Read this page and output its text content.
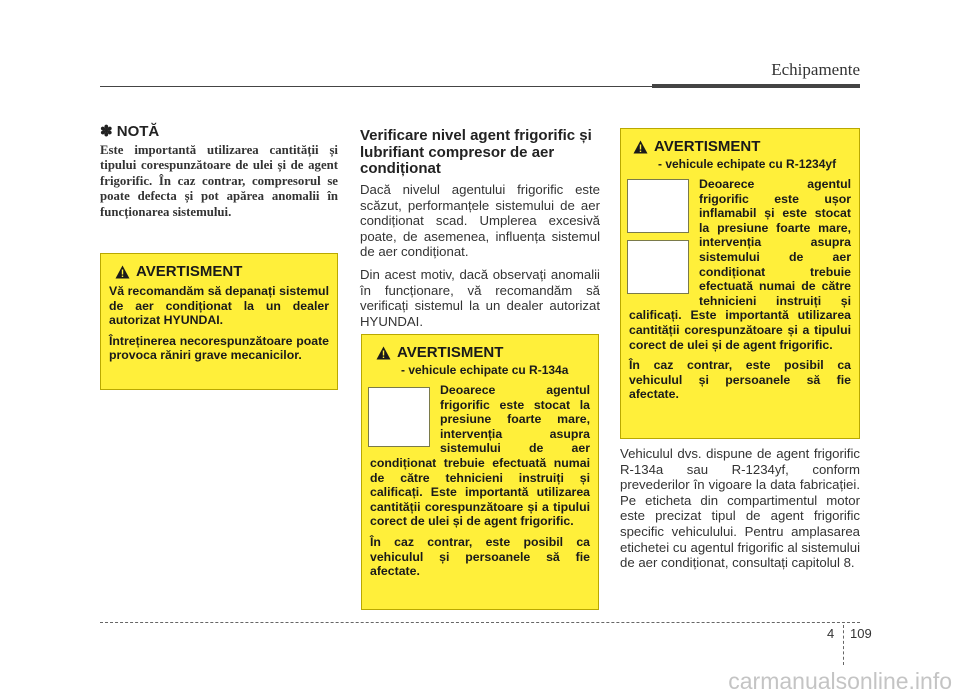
Echipamente
✽ NOTĂ
Este importantă utilizarea cantității și tipului corespunzătoare de ulei și de agent frigorific. În caz contrar, compresorul se poate defecta și pot apărea anomalii în funcționarea sistemului.
AVERTISMENT

Vă recomandăm să depanați sistemul de aer condiționat la un dealer autorizat HYUNDAI.

Întreținerea necorespunzătoare poate provoca răniri grave mecanicilor.

Verificare nivel agent frigorific și lubrifiant compresor de aer condiționat

Dacă nivelul agentului frigorific este scăzut, performanțele sistemului de aer condiționat scad. Umplerea excesivă poate, de asemenea, influența sistemul de aer condiționat.

Din acest motiv, dacă observați anomalii în funcționare, vă recomandăm să verificați sistemul la un dealer autorizat HYUNDAI.

AVERTISMENT
- vehicule echipate cu R-134a

Deoarece agentul frigorific este stocat la presiune foarte mare, intervenția asupra sistemului de aer condiționat trebuie efectuată numai de către tehnicieni instruiți și calificați. Este importantă utilizarea cantității corespunzătoare și a tipului corect de ulei și de agent frigorific.

În caz contrar, este posibil ca vehiculul și persoanele să fie afectate.

AVERTISMENT
- vehicule echipate cu R-1234yf

Deoarece agentul frigorific este ușor inflamabil și este stocat la presiune foarte mare, intervenția asupra sistemului de aer condiționat trebuie efectuată numai de către tehnicieni instruiți și calificați. Este importantă utilizarea cantității corespunzătoare și a tipului corect de ulei și de agent frigorific.

În caz contrar, este posibil ca vehiculul și persoanele să fie afectate.

Vehiculul dvs. dispune de agent frigorific R-134a sau R-1234yf, conform prevederilor în vigoare la data fabricației. Pe eticheta din compartimentul motor este precizat tipul de agent frigorific specific vehiculului. Pentru amplasarea etichetei cu agentul frigorific al sistemului de aer condiționat, consultați capitolul 8.
4 109
carmanualsonline.info
